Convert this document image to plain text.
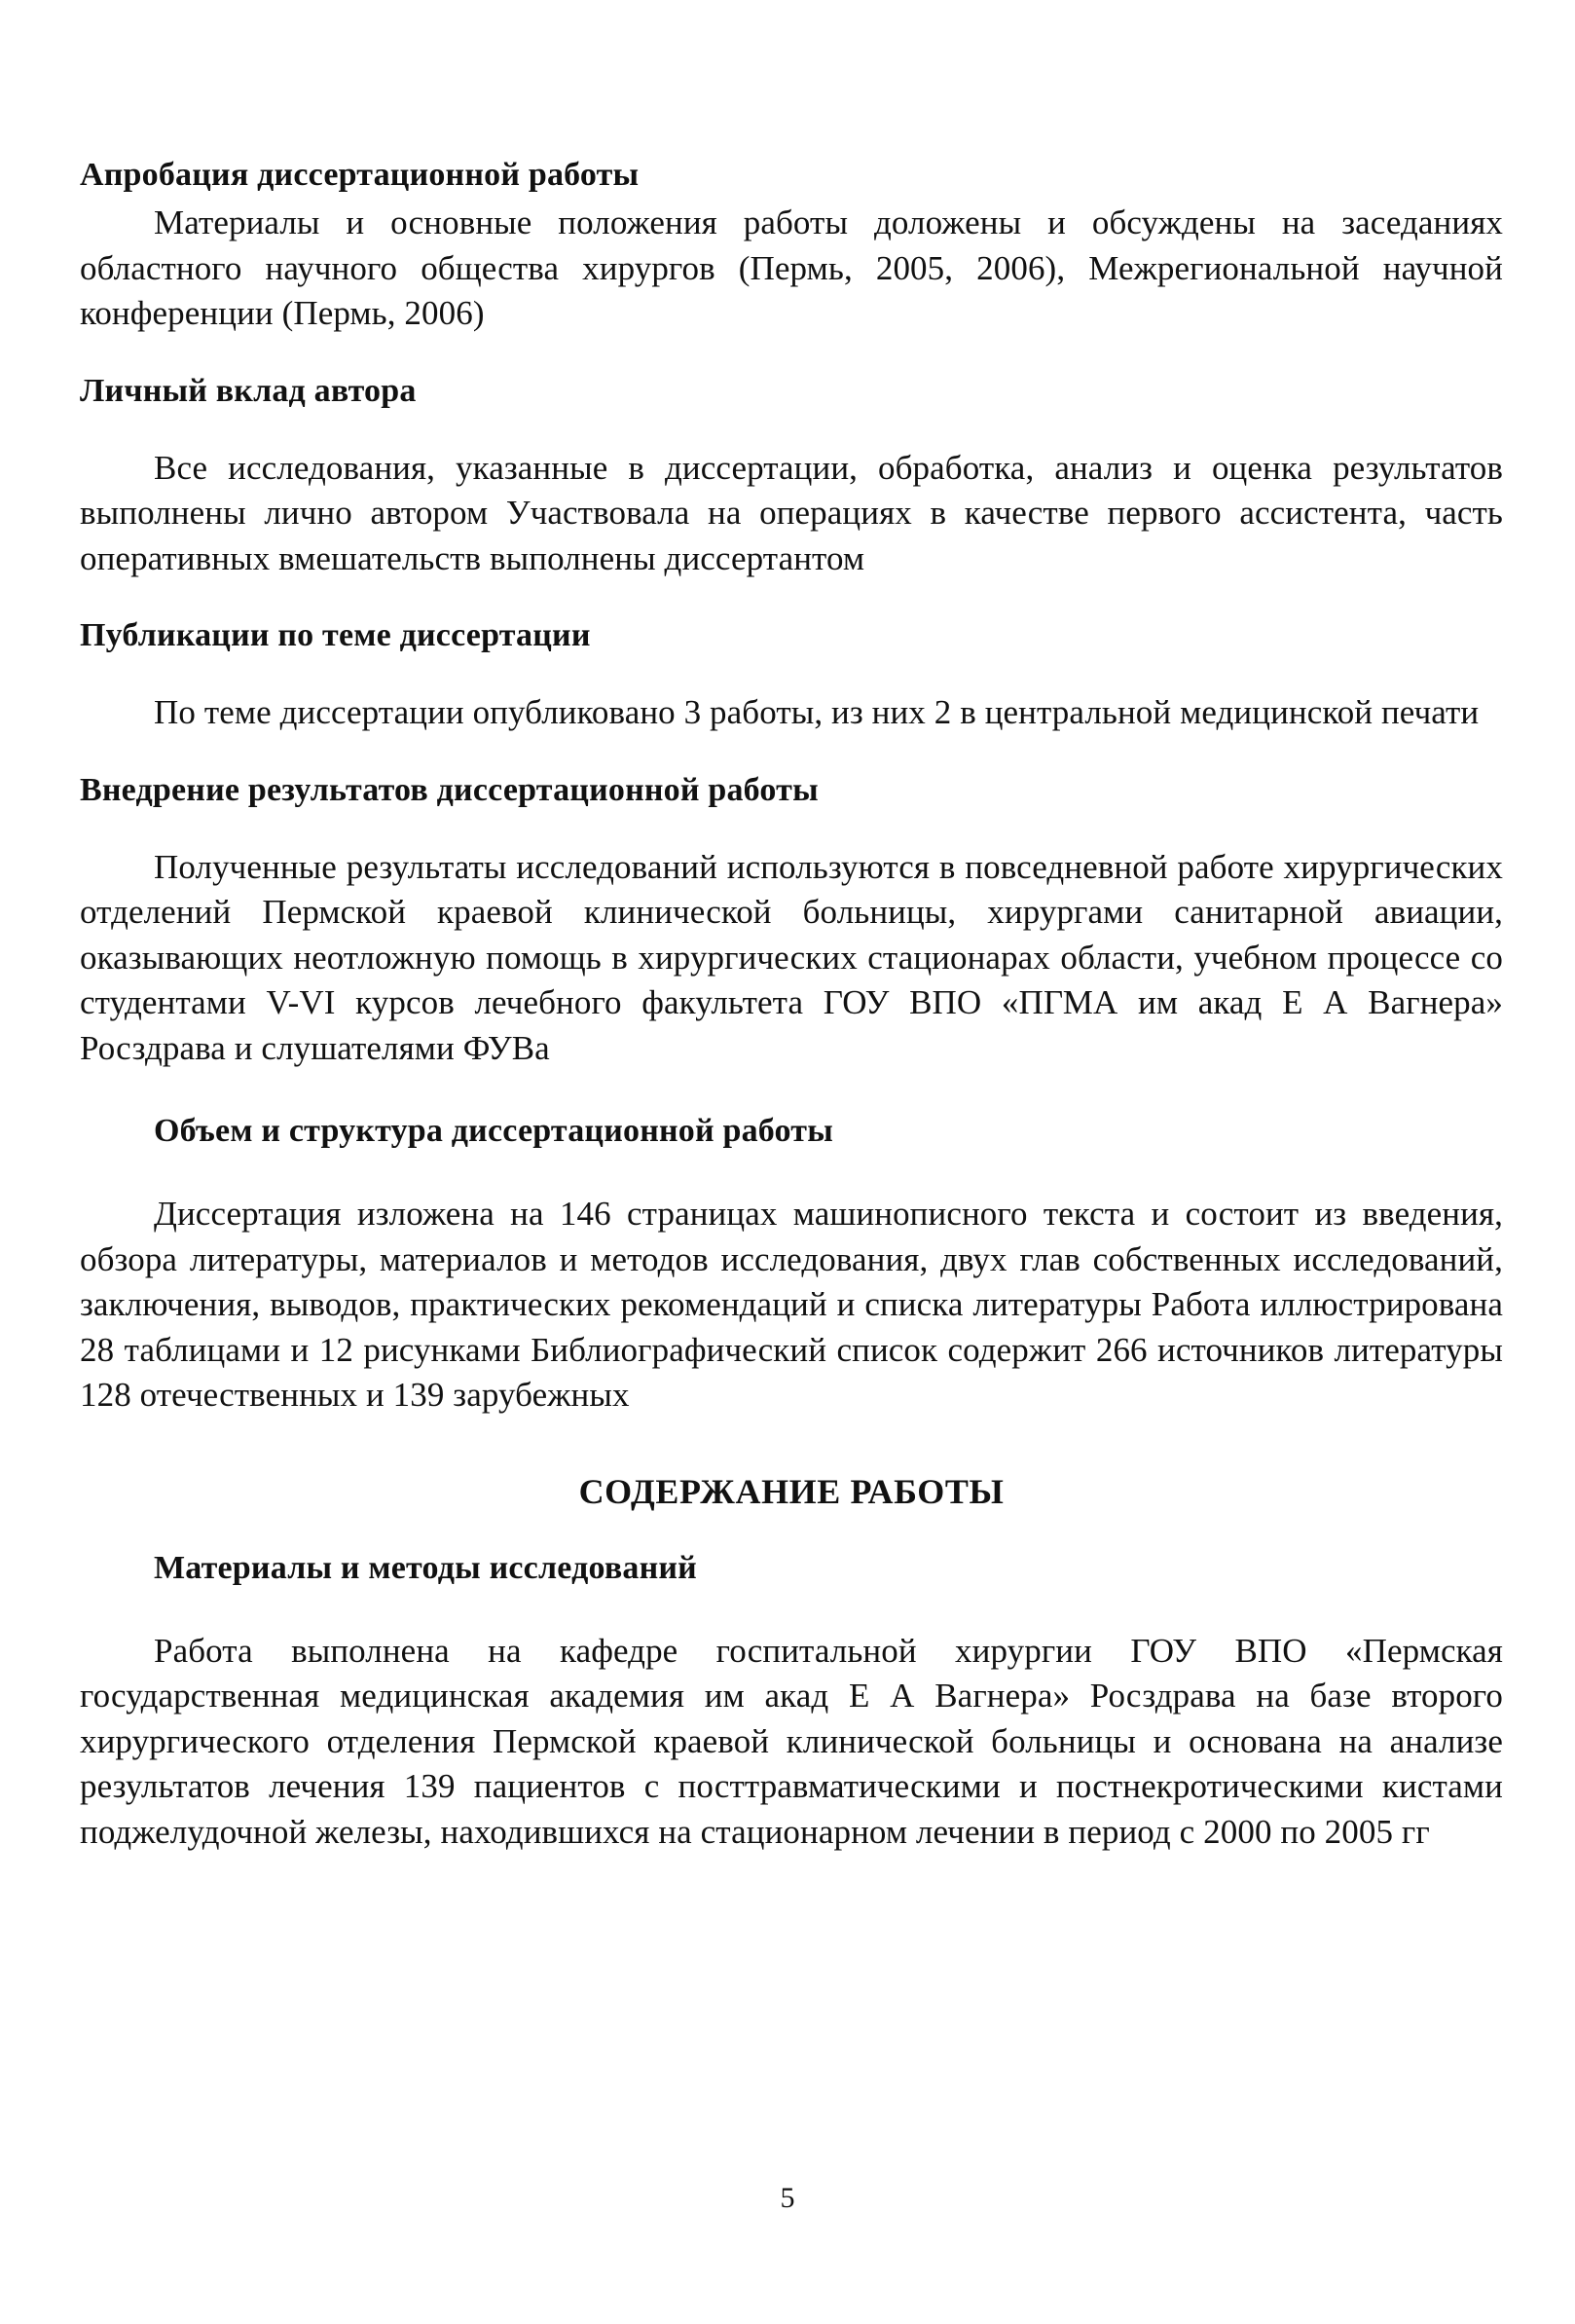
Апробация диссертационной работы

Материалы и основные положения работы доложены и обсуждены на заседаниях областного научного общества хирургов (Пермь, 2005, 2006), Межрегиональной научной конференции (Пермь, 2006)

Личный вклад автора

Все исследования, указанные в диссертации, обработка, анализ и оценка результатов выполнены лично автором Участвовала на операциях в качестве первого ассистента, часть оперативных вмешательств выполнены диссертантом

Публикации по теме диссертации

По теме диссертации опубликовано 3 работы, из них 2 в центральной медицинской печати

Внедрение результатов диссертационной работы

Полученные результаты исследований используются в повседневной работе хирургических отделений Пермской краевой клинической больницы, хирургами санитарной авиации, оказывающих неотложную помощь в хирургических стационарах области, учебном процессе со студентами V-VI курсов лечебного факультета ГОУ ВПО «ПГМА им акад Е А Вагнера» Росздрава и слушателями ФУВа

Объем и структура диссертационной работы

Диссертация изложена на 146 страницах машинописного текста и состоит из введения, обзора литературы, материалов и методов исследования, двух глав собственных исследований, заключения, выводов, практических рекомендаций и списка литературы Работа иллюстрирована 28 таблицами и 12 рисунками Библиографический список содержит 266 источников литературы 128 отечественных и 139 зарубежных

СОДЕРЖАНИЕ РАБОТЫ
Материалы и методы исследований

Работа выполнена на кафедре госпитальной хирургии ГОУ ВПО «Пермская государственная медицинская академия им акад Е А Вагнера» Росздрава на базе второго хирургического отделения Пермской краевой клинической больницы и основана на анализе результатов лечения 139 пациентов с посттравматическими и постнекротическими кистами поджелудочной железы, находившихся на стационарном лечении в период с 2000 по 2005 гг

5
